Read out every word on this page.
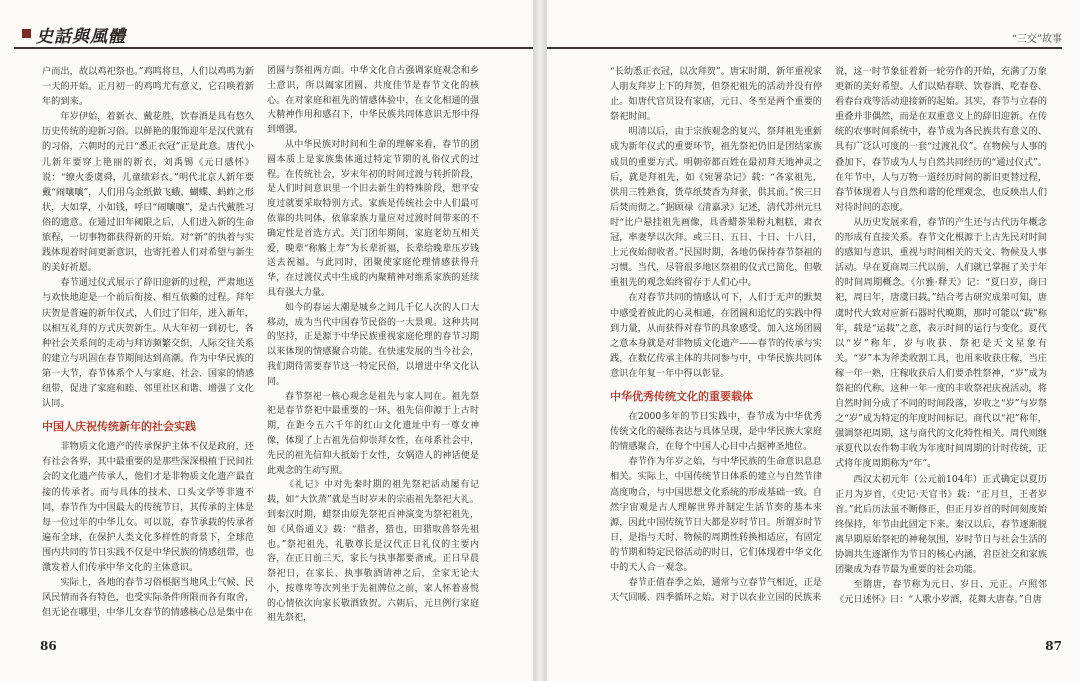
史話與風體

户而出，故以鸡祀祭也。”鸡鸣将旦，人们以鸡鸣为新一天的开始。正月初一的鸡鸣尤有意义，它召唤着新年的到来。

年岁伊始，着新衣、戴花胜，饮春酒是具有悠久历史传统的迎新习俗。以鲜艳的服饰迎年是汉代就有的习俗，六朝时的元日“悉正衣冠”正是此意。唐代小儿新年要穿上艳丽的新衣，刘禹锡《元日感怀》说：“缭火委虞舜，儿童绩彩衣。”明代北京人新年要戴“闹嚷嚷”，人们用乌金纸做飞蛾、蝴蝶、蚂蚱之形状，大如掌，小如钱，呼曰“闹嚷嚷”，是古代戴胜习俗的遗意。在通过旧年阈限之后，人们进入新的生命旅程，一切事物都获得新的开始。对“新”的执着与实践体现着时间更新意识，也寄托着人们对希望与新生的美好祈愿。

春节通过仪式展示了辞旧迎新的过程，严肃地送与欢快地迎是一个前后衔接、相互依赖的过程。拜年庆贺是普遍的新年仪式，人们过了旧年，进入新年，以相互礼拜的方式庆贺新生。从大年初一到初七，各种社会关系间的走动与拜访频繁交织，人际交往关系的建立与巩固在春节期间达到高潮。作为中华民族的第一大节，春节体系个人与家庭、社会、国家的情感纽带，促进了家庭和睦、邻里社区和谐、增强了文化认同。

中国人庆祝传统新年的社会实践

非物质文化遗产的传承保护主体不仅是政府，还有社会各界，其中最重要的是那些深深根植于民间社会的文化遗产传承人，他们才是非物质文化遗产最直接的传承者。而与具体的技术、口头文学等非遗不同，春节作为中国最大的传统节日，其传承的主体是每一位过年的中华儿女。可以说，春节承载的传承者遍布全球，在保护人类文化多样性的背景下，全球范围内共同的节日实践不仅是中华民族的情感纽带，也激发着人们传承中华文化的主体意识。

实际上，各地的春节习俗根据当地风土气候、民风民情而各有特色，也受实际条件所限而各有取舍，但无论在哪里，中华儿女春节的情感核心总是集中在

团圆与祭祖两方面。中华文化自古强调家庭观念和乡土意识，所以阖家团圆、共度佳节是春节文化的核心。在对家庭和祖先的情感体验中，在文化相通的强大精神作用和感召下，中华民族共同体意识无形中得到增强。

从中华民族对时间和生命的理解来看，春节的团圆本质上是家族集体通过特定节期的礼俗仪式的过程。在传统社会，岁末年初的时间过渡与转折阶段，是人们时间意识里一个旧去新生的特殊阶段，想平安度过就要采取特别方式。家族是传统社会中人们最可依靠的共同体，依靠家族力量应对过渡时间带来的不确定性是首选方式。关门团年期间，家庭老幼互相关爱，晚辈“称觞上寿”为长辈祈福，长辈给晚辈压岁钱送去祝福。与此同时，团聚使家庭伦理情感获得升华，在过渡仪式中生成的内聚精神对维系家族的延续具有强大力量。

如今的春运大潮是城乡之间几千亿人次的人口大移动，成为当代中国春节民俗的一大景观。这种共同的坚持，正是源于中华民族重视家庭伦理的春节习期以来体现的情感聚合功能。在快速发展的当今社会，我们期待需要春节这一特定民俗，以增进中华文化认同。

春节祭祀一核心观念是祖先与家人同在。祖先祭祀是春节祭祀中最重要的一环。祖先信仰源于上古时期，在距今五六千年的红山文化遗址中有一尊女神像，体现了上古祖先信仰崇拜女性，在母系社会中，先民的祖先信仰大抵始于女性，女娲造人的神话便是此观念的生动写照。

《礼记》中对先秦时期的祖先祭祀活动屡有记载，如“大饮蒸”就是当时岁末的宗庙祖先祭祀大礼。到秦汉时期，蜡祭由原先祭祀百神演变为祭祀祖先，如《风俗通义》载：“腊者，猎也，田猎取兽祭先祖也。”祭祀祖先，礼敬尊长是汉代正日礼仪的主要内容，在正日前三天，家长与执事都要斋戒。正日早晨祭祀日，在家长、执事敬酒请神之后，全家无论大小，按尊卑等次列坐于先祖牌位之前，家人怀着喜悦的心情依次向家长敬酒致贺。六朝后，元旦例行家庭祖先祭祀，

86
“三交”故事

“长幼悉正衣冠，以次拜贺”。唐宋时期，新年重视家人朋友拜岁上下的拜贺，但祭祀祖先的活动并没有停止。如唐代官员设有家庙，元日、冬至是两个重要的祭祀时间。

明清以后，由于宗族观念的复兴，祭拜祖先重新成为新年仪式的重要环节，祖先祭祀仍旧是团结家族成员的重要方式。明朝帝都百姓在最初拜天地神灵之后，就是拜祖先，如《宛署杂记》载：“各家祖先，供用三牲熟食，货草纸焚香为拜张，供其前。”俟三日后焚而彻之。”据顾禄《清嘉录》记述，清代苏州元旦时“比户悬挂祖先画像，具香蜡茶果粉丸粗糕，肃衣冠，率妻孥以次拜。或三日、五日、十日、十八日，上元夜始彻收者。”民国时期，各地仍保持春节祭祖的习惯。当代，尽管很多地区祭祖的仪式已简化，但敬重祖先的观念始终留存于人们心中。

在对春节共同的情感认可下，人们于无声的默契中感受着彼此的心灵相通，在团圆和追忆的实践中得到力量，从而获得对春节的具象感受。加入这场团圆之意本身就是对非物质文化遗产——春节的传承与实践，在数亿传承主体的共同参与中，中华民族共同体意识在年复一年中得以彰显。

中华优秀传统文化的重要载体

在2000多年的节日实践中，春节成为中华优秀传统文化的凝练表达与具体呈现，是中华民族大家庭的情感聚合，在每个中国人心目中占据神圣地位。

春节作为年岁之始，与中华民族的生命意识息息相关。实际上，中国传统节日体系的建立与自然节律高度吻合，与中国思想文化系统的形成基础一致。自然宇宙观是古人理解世界并制定生活节奏的基本来源，因此中国传统节日大都是岁时节日。所谓岁时节日，是指与天时、物候的周期性转换相适应，有固定的节期和特定民俗活动的时日，它们体现着中华文化中的天人合一观念。

春节正值春季之始，通常与立春节气相近，正是天气回暖、四季循环之始。对于以农业立国的民族来

说，这一时节象征着新一轮劳作的开始，充满了万象更新的美好希望。人们以贴春联、饮春酒、吃春卷、看春台戏等活动迎接新的起始。其实，春节与立春的重叠并非偶然，而是在双重意义上的辞旧迎新。在传统的农事时间系统中，春节成为各民族共有意义的、具有广泛认可度的一套“过渡礼仪”。在物候与人事的叠加下，春节成为人与自然共同经历的“通过仪式”。在年节中，人与万物一道经历时间的新旧更替过程，春节体现着人与自然和谐的伦理观念，也反映出人们对待时间的态度。

从历史发展来看，春节的产生还与古代历年概念的形成有直接关系。春节文化根源于上古先民对时间的感知与意识，重视与时间相关的天文、物候及人事活动。早在夏商周三代以前，人们就已掌握了关于年的时间周期概念。《尔雅·释天》记：“夏曰岁，商曰祀，周曰年，唐虞曰载。”结合考古研究成果可知，唐虞时代大致对应新石器时代晚期，那时可能以“载”称年，载是“运载”之意，表示时间的运行与变化。夏代以“岁”称年，岁与收获、祭祀是天文星象有关。“岁”本为斧类收割工具，也用来收获庄稼，当庄稼一年一熟，庄稼收获后人们要杀牲祭神，“岁”成为祭祀的代称。这种一年一度的丰收祭祀庆祝活动，将自然时间分成了不同的时间段落，岁收之“岁”与岁祭之“岁”成为特定的年度时间标记。商代以“祀”称年，强调祭祀周期，这与商代的文化特性相关。周代则继承夏代以农作物丰收为年度时间周期的计时传统，正式将年度周期称为“年”。

西汉太初元年（公元前104年）正式确定以夏历正月为岁首，《史记·天官书》载：“正月旦，王者岁首。”此后历法虽不断修正，但正月岁首的时间刻度始终保持，年节由此固定下来。秦汉以后，春节逐渐脱离早期原始祭祀的神秘氛围，岁时节日与社会生活的协调共生逐渐作为节日的核心内涵，君臣社交和家族团聚成为春节最为重要的社会功能。

至隋唐，春节称为元日、岁日、元正。卢照邻《元日述怀》曰：“人歌小岁酒，花舞大唐春。”自唐

87
